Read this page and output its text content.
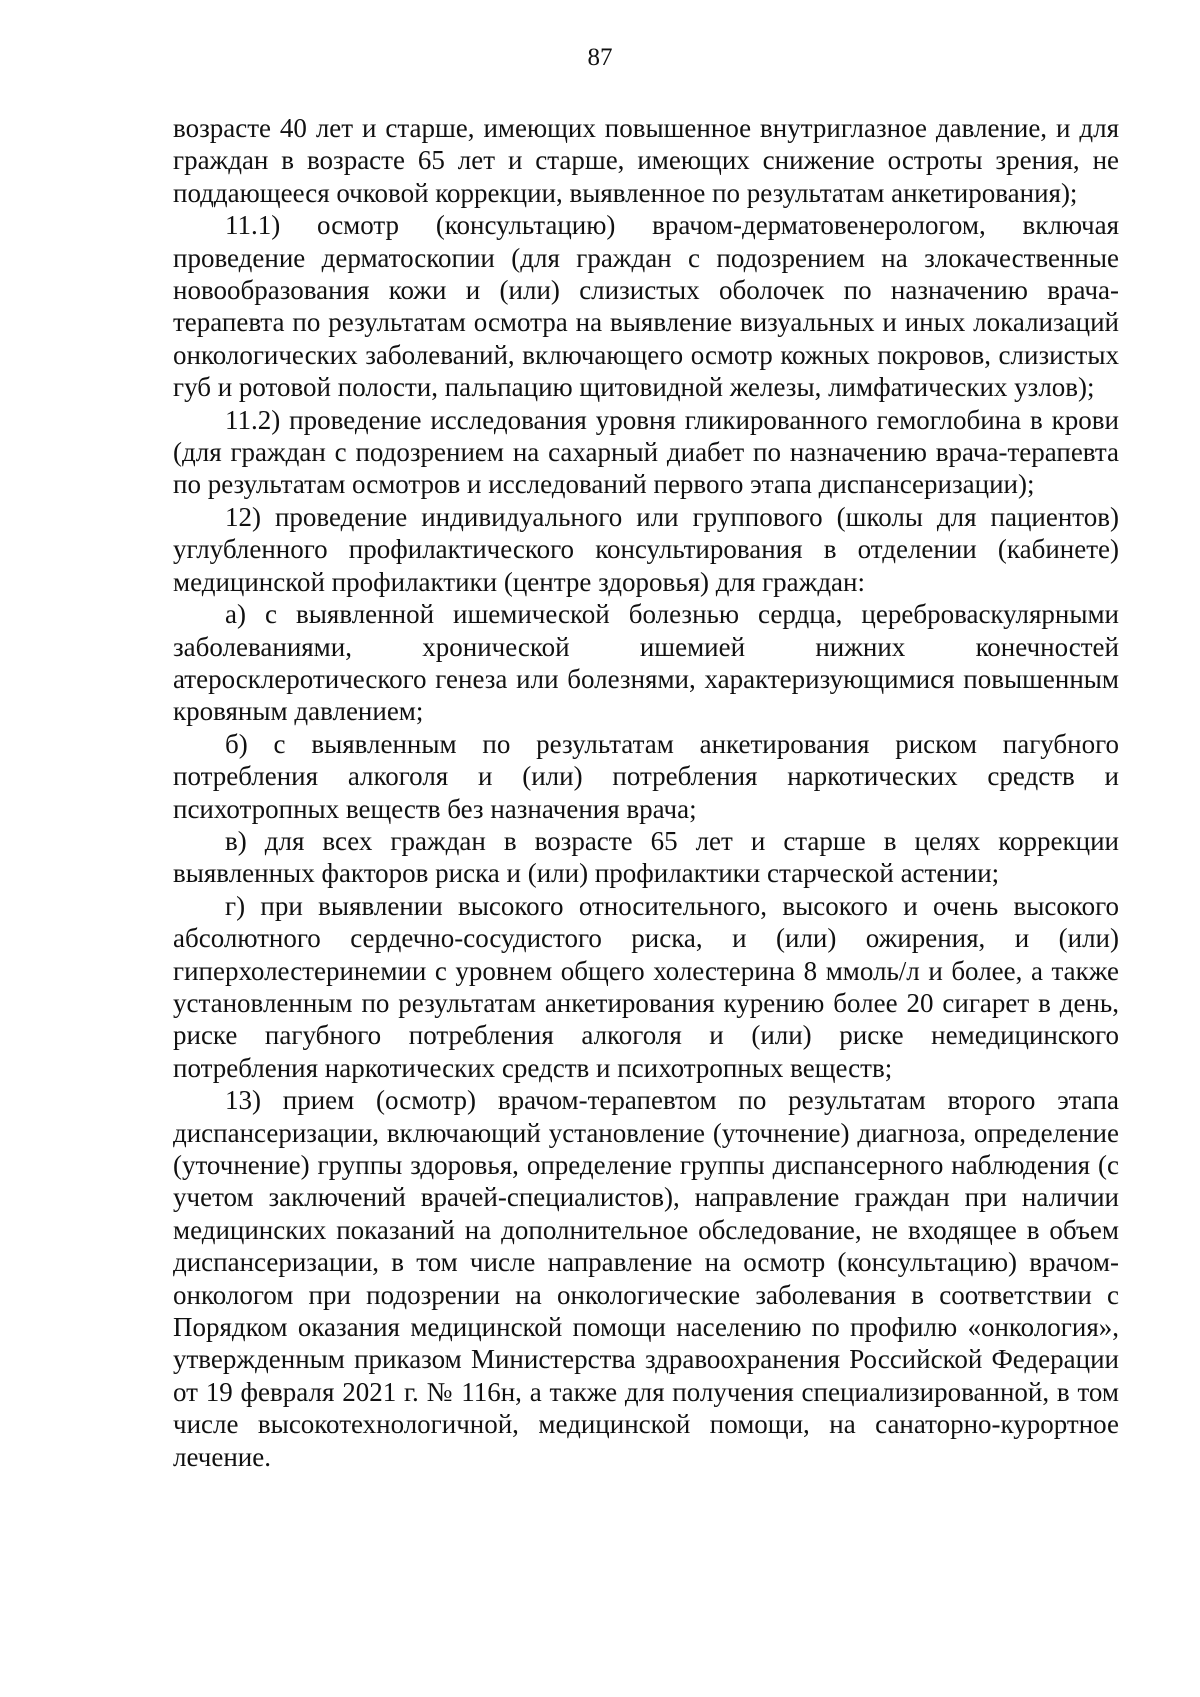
87

возрасте 40 лет и старше, имеющих повышенное внутриглазное давление, и для граждан в возрасте 65 лет и старше, имеющих снижение остроты зрения, не поддающееся очковой коррекции, выявленное по результатам анкетирования);

11.1) осмотр (консультацию) врачом-дерматовенерологом, включая проведение дерматоскопии (для граждан с подозрением на злокачественные новообразования кожи и (или) слизистых оболочек по назначению врача-терапевта по результатам осмотра на выявление визуальных и иных локализаций онкологических заболеваний, включающего осмотр кожных покровов, слизистых губ и ротовой полости, пальпацию щитовидной железы, лимфатических узлов);

11.2) проведение исследования уровня гликированного гемоглобина в крови (для граждан с подозрением на сахарный диабет по назначению врача-терапевта по результатам осмотров и исследований первого этапа диспансеризации);

12) проведение индивидуального или группового (школы для пациентов) углубленного профилактического консультирования в отделении (кабинете) медицинской профилактики (центре здоровья) для граждан:

а) с выявленной ишемической болезнью сердца, цереброваскулярными заболеваниями, хронической ишемией нижних конечностей атеросклеротического генеза или болезнями, характеризующимися повышенным кровяным давлением;

б) с выявленным по результатам анкетирования риском пагубного потребления алкоголя и (или) потребления наркотических средств и психотропных веществ без назначения врача;

в) для всех граждан в возрасте 65 лет и старше в целях коррекции выявленных факторов риска и (или) профилактики старческой астении;

г) при выявлении высокого относительного, высокого и очень высокого абсолютного сердечно-сосудистого риска, и (или) ожирения, и (или) гиперхолестеринемии с уровнем общего холестерина 8 ммоль/л и более, а также установленным по результатам анкетирования курению более 20 сигарет в день, риске пагубного потребления алкоголя и (или) риске немедицинского потребления наркотических средств и психотропных веществ;

13) прием (осмотр) врачом-терапевтом по результатам второго этапа диспансеризации, включающий установление (уточнение) диагноза, определение (уточнение) группы здоровья, определение группы диспансерного наблюдения (с учетом заключений врачей-специалистов), направление граждан при наличии медицинских показаний на дополнительное обследование, не входящее в объем диспансеризации, в том числе направление на осмотр (консультацию) врачом-онкологом при подозрении на онкологические заболевания в соответствии с Порядком оказания медицинской помощи населению по профилю «онкология», утвержденным приказом Министерства здравоохранения Российской Федерации от 19 февраля 2021 г. № 116н, а также для получения специализированной, в том числе высокотехнологичной, медицинской помощи, на санаторно-курортное лечение.
